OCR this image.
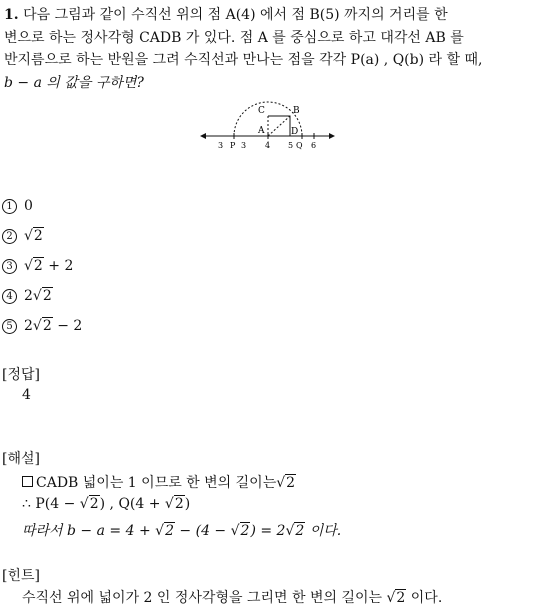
1. 다음 그림과 같이 수직선 위의 점 A(4) 에서 점 B(5) 까지의 거리를 한
변으로 하는 정사각형 CADB 가 있다. 점 A 를 중심으로 하고 대각선 AB 를
반지름으로 하는 반원을 그려 수직선과 만나는 점을 각각 P(a) , Q(b) 라 할 때,
b − a 의 값을 구하면?
C	B
A	D
3 P 3 4 5 Q 6
1 0
2 √2
3 √2 + 2
4 2√2
5 2√2 − 2
[정답]
4
[해설]
CADB 넓이는 1 이므로 한 변의 길이는√2
∴ P(4 − √2) , Q(4 + √2)
따라서 b − a = 4 + √2 − (4 − √2) = 2√2 이다.
[힌트]
수직선 위에 넓이가 2 인 정사각형을 그리면 한 변의 길이는 √2 이다.
